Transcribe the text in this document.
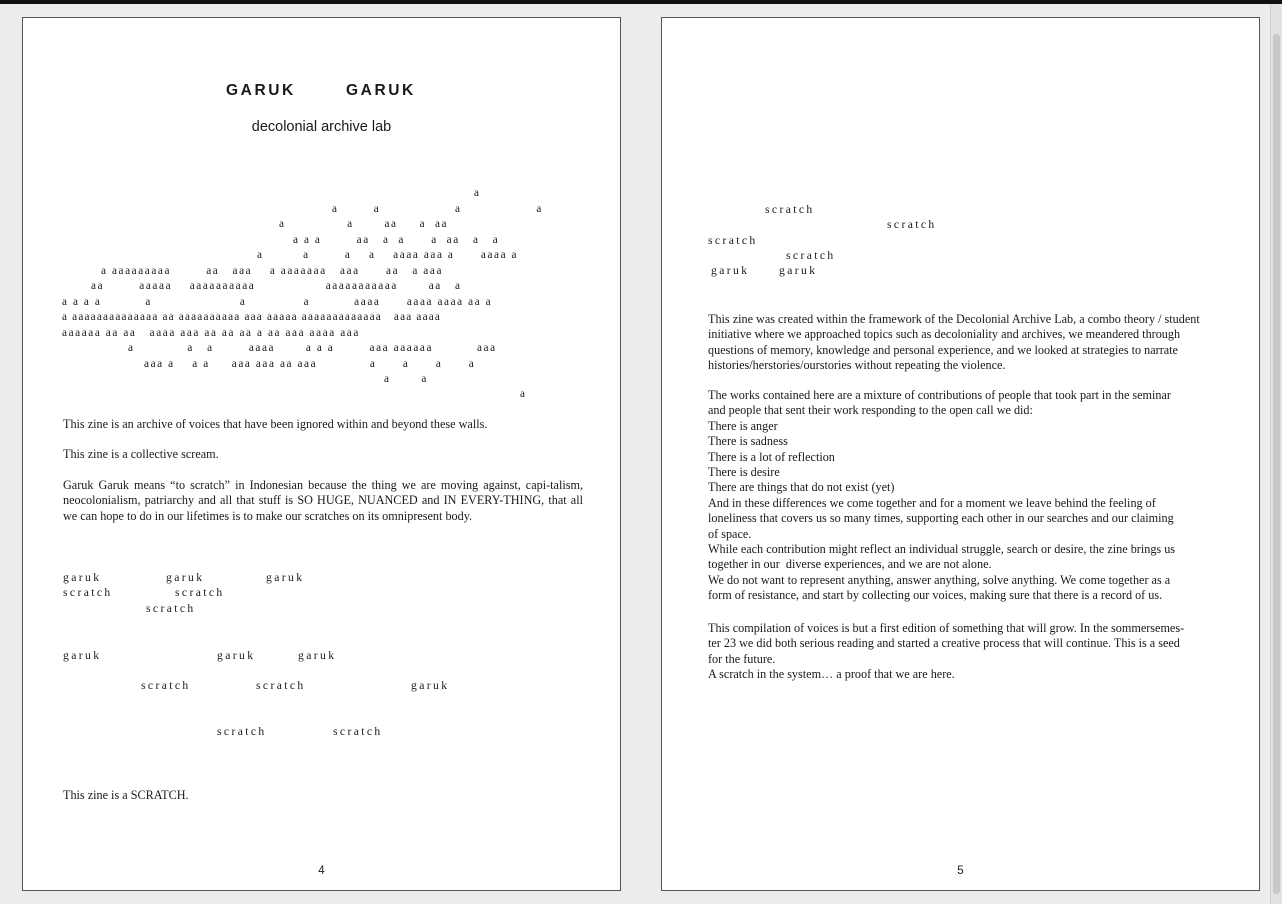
GARUK	GARUK
decolonial archive lab
a
a        a                 a                 a
a              a       aa     a  aa
a a a        aa   a  a      a  aa   a   a
a         a        a    a    aaaa aaa a      aaaa a
a aaaaaaaaa        aa   aaa    a aaaaaaa   aaa      aa   a aaa
aa        aaaaa    aaaaaaaaaa                aaaaaaaaaaa       aa   a
a a a a          a                    a             a          aaaa      aaaa aaaa aa a
a aaaaaaaaaaaaaa aa aaaaaaaaaa aaa aaaaa aaaaaaaaaaaaa   aaa aaaa
aaaaaa aa aa   aaaa aaa aa aa aa a aa aaa aaaa aaa
a            a   a        aaaa       a a a        aaa aaaaaa          aaa
aaa a    a a     aaa aaa aa aaa            a      a      a      a
a       a
a
This zine is an archive of voices that have been ignored within and beyond these walls.
This zine is a collective scream.
Garuk Garuk means “to scratch” in Indonesian because the thing we are moving against, capi-talism, neocolonialism, patriarchy and all that stuff is SO HUGE, NUANCED and IN EVERY-THING, that all we can hope to do in our lifetimes is to make our scratches on its omnipresent body.
garuk	garuk	garuk
scratch	scratch
scratch
garuk	garuk	garuk
scratch	scratch	garuk
scratch	scratch
This zine is a SCRATCH.
4
scratch
scratch
scratch
scratch
garuk	garuk
This zine was created within the framework of the Decolonial Archive Lab, a combo theory / student initiative where we approached topics such as decoloniality and archives, we meandered through questions of memory, knowledge and personal experience, and we looked at strategies to narrate histories/herstories/ourstories without repeating the violence.
The works contained here are a mixture of contributions of people that took part in the seminar
and people that sent their work responding to the open call we did:
There is anger
There is sadness
There is a lot of reflection
There is desire
There are things that do not exist (yet)
And in these differences we come together and for a moment we leave behind the feeling of
loneliness that covers us so many times, supporting each other in our searches and our claiming
of space.
While each contribution might reflect an individual struggle, search or desire, the zine brings us
together in our  diverse experiences, and we are not alone.
We do not want to represent anything, answer anything, solve anything. We come together as a
form of resistance, and start by collecting our voices, making sure that there is a record of us.
This compilation of voices is but a first edition of something that will grow. In the sommersemes-
ter 23 we did both serious reading and started a creative process that will continue. This is a seed
for the future.
A scratch in the system… a proof that we are here.
5
